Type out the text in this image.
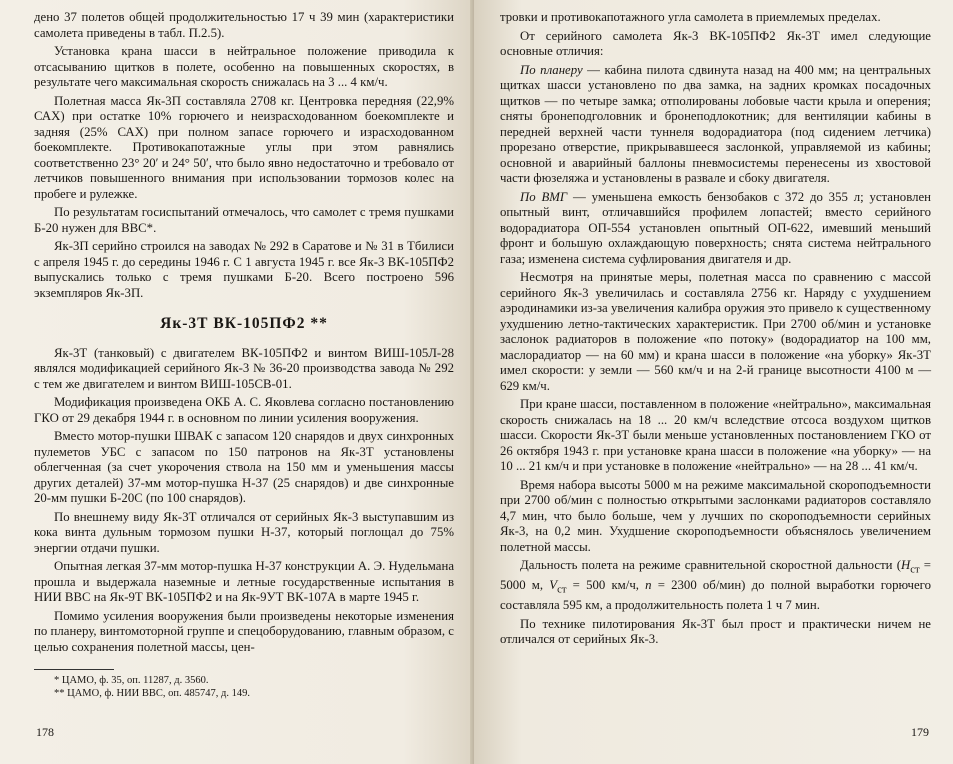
дено 37 полетов общей продолжительностью 17 ч 39 мин (характеристики самолета приведены в табл. П.2.5).

Установка крана шасси в нейтральное положение приводила к отсасыванию щитков в полете, особенно на повышенных скоростях, в результате чего максимальная скорость снижалась на 3 ... 4 км/ч.

Полетная масса Як-3П составляла 2708 кг. Центровка передняя (22,9% САХ) при остатке 10% горючего и неизрасходованном боекомплекте и задняя (25% САХ) при полном запасе горючего и израсходованном боекомплекте. Противокапотажные углы при этом равнялись соответственно 23° 20′ и 24° 50′, что было явно недостаточно и требовало от летчиков повышенного внимания при использовании тормозов колес на пробеге и рулежке.

По результатам госиспытаний отмечалось, что самолет с тремя пушками Б-20 нужен для ВВС*.

Як-3П серийно строился на заводах № 292 в Саратове и № 31 в Тбилиси с апреля 1945 г. до середины 1946 г. С 1 августа 1945 г. все Як-3 ВК-105ПФ2 выпускались только с тремя пушками Б-20. Всего построено 596 экземпляров Як-3П.

Як-3Т ВК-105ПФ2 **

Як-3Т (танковый) с двигателем ВК-105ПФ2 и винтом ВИШ-105Л-28 являлся модификацией серийного Як-3 № 36-20 производства завода № 292 с тем же двигателем и винтом ВИШ-105СВ-01.

Модификация произведена ОКБ А. С. Яковлева согласно постановлению ГКО от 29 декабря 1944 г. в основном по линии усиления вооружения.

Вместо мотор-пушки ШВАК с запасом 120 снарядов и двух синхронных пулеметов УБС с запасом по 150 патронов на Як-3Т установлены облегченная (за счет укорочения ствола на 150 мм и уменьшения массы других деталей) 37-мм мотор-пушка Н-37 (25 снарядов) и две синхронные 20-мм пушки Б-20С (по 100 снарядов).

По внешнему виду Як-3Т отличался от серийных Як-3 выступавшим из кока винта дульным тормозом пушки Н-37, который поглощал до 75% энергии отдачи пушки.

Опытная легкая 37-мм мотор-пушка Н-37 конструкции А. Э. Нудельмана прошла и выдержала наземные и летные государственные испытания в НИИ ВВС на Як-9Т ВК-105ПФ2 и на Як-9УТ ВК-107А в марте 1945 г.

Помимо усиления вооружения были произведены некоторые изменения по планеру, винтомоторной группе и спецоборудованию, главным образом, с целью сохранения полетной массы, цен-

* ЦАМО, ф. 35, оп. 11287, д. 3560.

** ЦАМО, ф. НИИ ВВС, оп. 485747, д. 149.

178

тровки и противокапотажного угла самолета в приемлемых пределах.

От серийного самолета Як-3 ВК-105ПФ2 Як-3Т имел следующие основные отличия:

По планеру — кабина пилота сдвинута назад на 400 мм; на центральных щитках шасси установлено по два замка, на задних кромках посадочных щитков — по четыре замка; отполированы лобовые части крыла и оперения; сняты бронеподголовник и бронеподлокотник; для вентиляции кабины в передней верхней части туннеля водорадиатора (под сидением летчика) прорезано отверстие, прикрывавшееся заслонкой, управляемой из кабины; основной и аварийный баллоны пневмосистемы перенесены из хвостовой части фюзеляжа и установлены в развале и сбоку двигателя.

По ВМГ — уменьшена емкость бензобаков с 372 до 355 л; установлен опытный винт, отличавшийся профилем лопастей; вместо серийного водорадиатора ОП-554 установлен опытный ОП-622, имевший меньший фронт и большую охлаждающую поверхность; снята система нейтрального газа; изменена система суфлирования двигателя и др.

Несмотря на принятые меры, полетная масса по сравнению с массой серийного Як-3 увеличилась и составляла 2756 кг. Наряду с ухудшением аэродинамики из-за увеличения калибра оружия это привело к существенному ухудшению летно-тактических характеристик. При 2700 об/мин и установке заслонок радиаторов в положение «по потоку» (водорадиатор на 100 мм, маслорадиатор — на 60 мм) и крана шасси в положение «на уборку» Як-3Т имел скорости: у земли — 560 км/ч и на 2-й границе высотности 4100 м — 629 км/ч.

При кране шасси, поставленном в положение «нейтрально», максимальная скорость снижалась на 18 ... 20 км/ч вследствие отсоса воздухом щитков шасси. Скорости Як-3Т были меньше установленных постановлением ГКО от 26 октября 1943 г. при установке крана шасси в положение «на уборку» — на 10 ... 21 км/ч и при установке в положение «нейтрально» — на 28 ... 41 км/ч.

Время набора высоты 5000 м на режиме максимальной скороподъемности при 2700 об/мин с полностью открытыми заслонками радиаторов составляло 4,7 мин, что было больше, чем у лучших по скороподъемности серийных Як-3, на 0,2 мин. Ухудшение скороподъемности объяснялось увеличением полетной массы.

Дальность полета на режиме сравнительной скоростной дальности ($H_{ст} = 5000$ м, $V_{ст} = 500$ км/ч, n = 2300 об/мин) до полной выработки горючего составляла 595 км, а продолжительность полета 1 ч 7 мин.

По технике пилотирования Як-3Т был прост и практически ничем не отличался от серийных Як-3.

179
